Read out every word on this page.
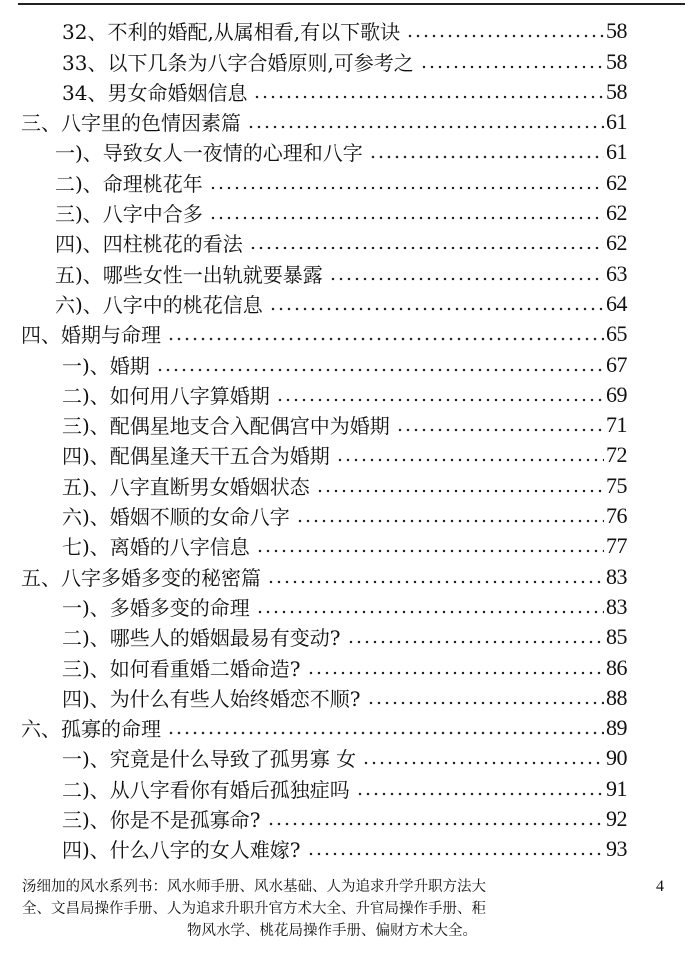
32、不利的婚配,从属相看,有以下歌诀	58
33、以下几条为八字合婚原则,可参考之	58
34、男女命婚姻信息	58
三、八字里的色情因素篇	61
一)、导致女人一夜情的心理和八字	61
二)、命理桃花年	62
三)、八字中合多	62
四)、四柱桃花的看法	62
五)、哪些女性一出轨就要暴露	63
六)、八字中的桃花信息	64
四、婚期与命理	65
一)、婚期	67
二)、如何用八字算婚期	69
三)、配偶星地支合入配偶宫中为婚期	71
四)、配偶星逢天干五合为婚期	72
五)、八字直断男女婚姻状态	75
六)、婚姻不顺的女命八字	76
七)、离婚的八字信息	77
五、八字多婚多变的秘密篇	83
一)、多婚多变的命理	83
二)、哪些人的婚姻最易有变动?	85
三)、如何看重婚二婚命造?	86
四)、为什么有些人始终婚恋不顺?	88
六、孤寡的命理	89
一)、究竟是什么导致了孤男寡 女	90
二)、从八字看你有婚后孤独症吗	91
三)、你是不是孤寡命?	92
四)、什么八字的女人难嫁?	93
汤细加的风水系列书：风水师手册、风水基础、人为追求升学升职方法大
全、文昌局操作手册、人为追求升职升官方术大全、升官局操作手册、秬
物风水学、桃花局操作手册、偏财方术大全。
4
